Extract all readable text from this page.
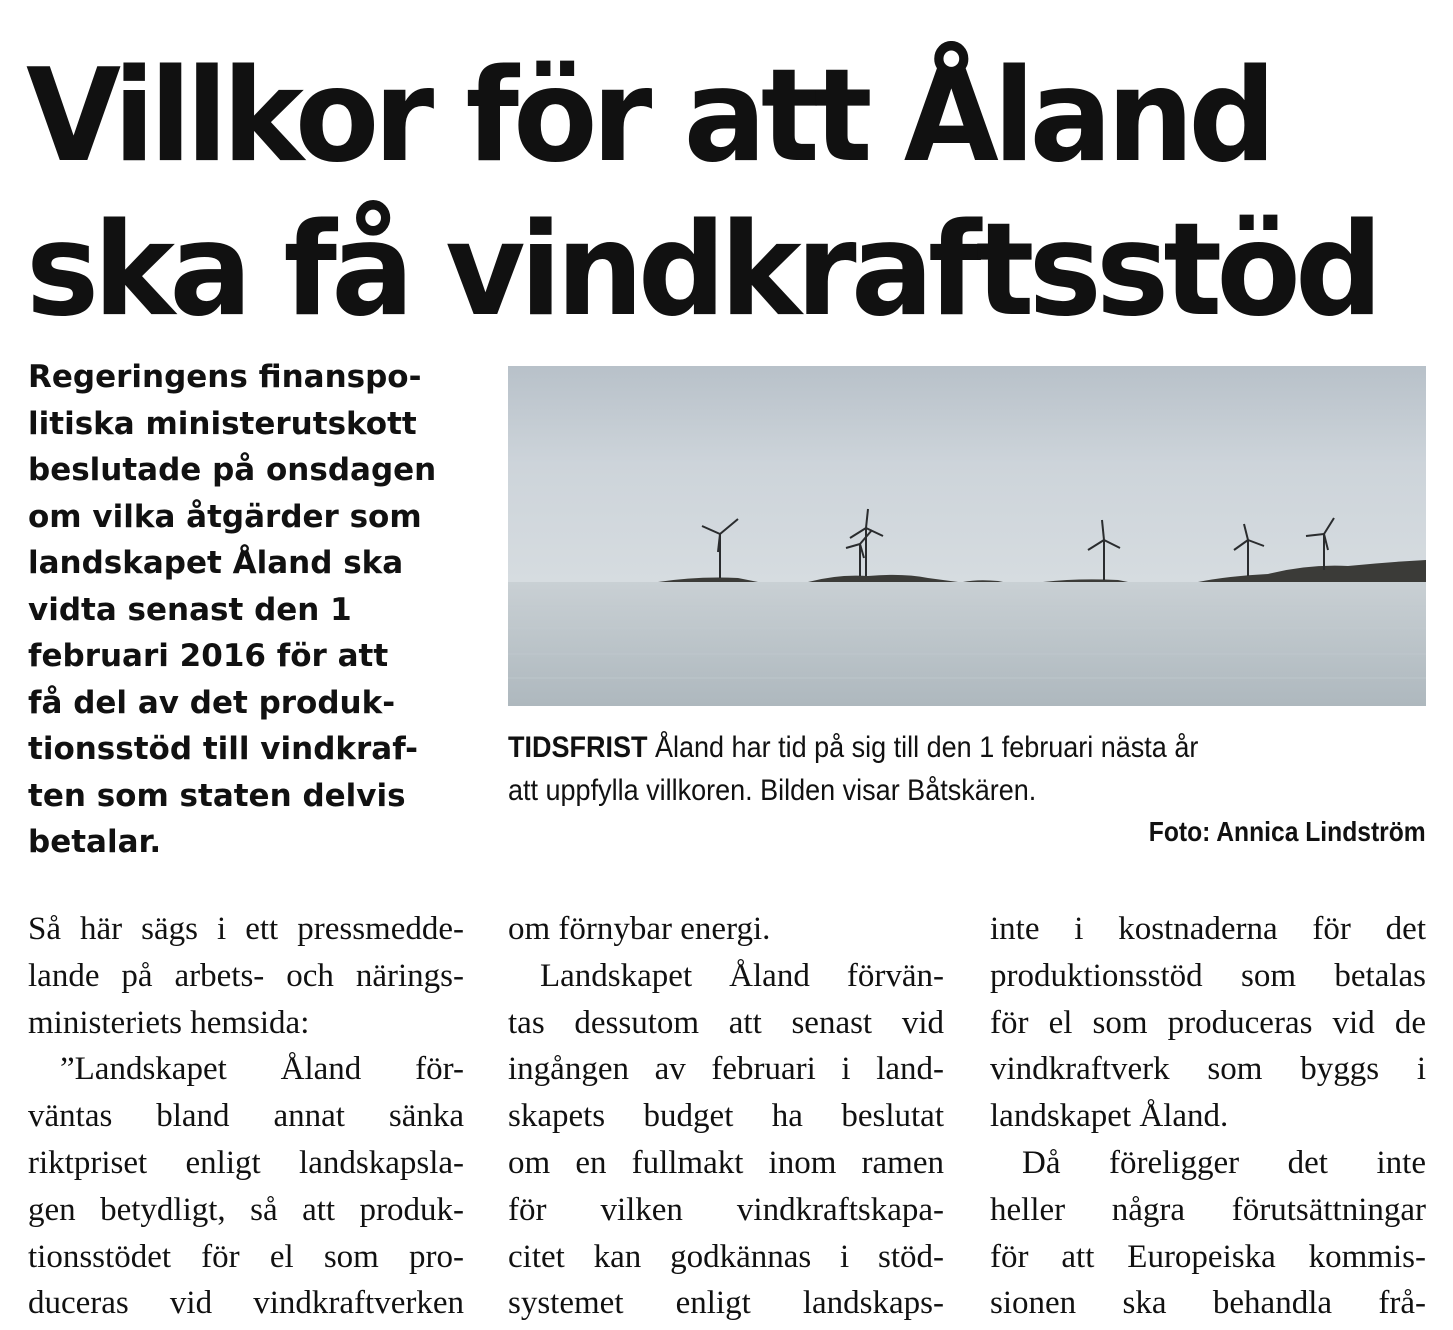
Villkor för att Åland
ska få vindkraftsstöd

Regeringens finanspo-
litiska ministerutskott
beslutade på onsdagen
om vilka åtgärder som
landskapet Åland ska
vidta senast den 1
februari 2016 för att
få del av det produk-
tionsstöd till vindkraf-
ten som staten delvis
betalar.

TIDSFRIST Åland har tid på sig till den 1 februari nästa år
att uppfylla villkoren. Bilden visar Båtskären.

Foto: Annica Lindström

Så här sägs i ett pressmedde-
lande på arbets- och närings-
ministeriets hemsida:
”Landskapet Åland för-
väntas bland annat sänka
riktpriset enligt landskapsla-
gen betydligt, så att produk-
tionsstödet för el som pro-
duceras vid vindkraftverken
om förnybar energi.
Landskapet Åland förvän-
tas dessutom att senast vid
ingången av februari i land-
skapets budget ha beslutat
om en fullmakt inom ramen
för vilken vindkraftskapa-
citet kan godkännas i stöd-
systemet enligt landskaps-
inte i kostnaderna för det
produktionsstöd som betalas
för el som produceras vid de
vindkraftverk som byggs i
landskapet Åland.
Då föreligger det inte
heller några förutsättningar
för att Europeiska kommis-
sionen ska behandla frå-
